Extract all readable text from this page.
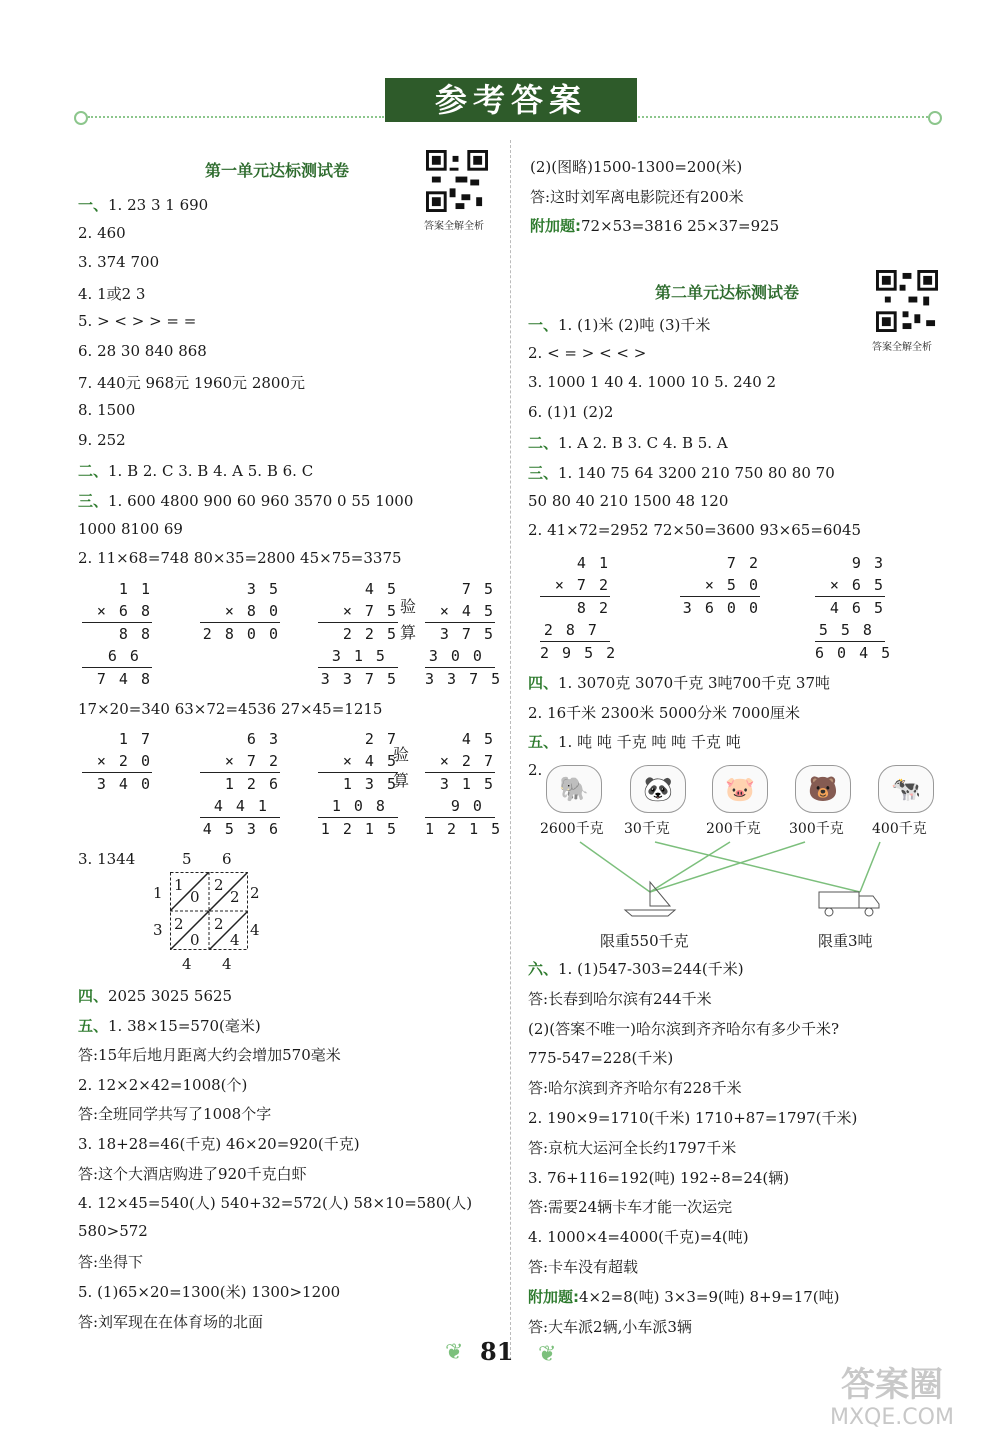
参考答案
第一单元达标测试卷
答案全解全析
一、1. 23 3 1 690
2. 460
3. 374 700
4. 1或2 3
5. > < > > = =
6. 28 30 840 868
7. 440元 968元 1960元 2800元
8. 1500
9. 252
二、1. B 2. C 3. B 4. A 5. B 6. C
三、1. 600 4800 900 60 960 3570 0 55 1000
1000 8100 69
2. 11×68=748 80×35=2800 45×75=3375
1 1
× 6 8
8 8
6 6
7 4 8
3 5
× 8 0
2 8 0 0
4 5
× 7 5
2 2 5
3 1 5
3 3 7 5
7 5
× 4 5
3 7 5
3 0 0
3 3 7 5
验
算
1 7
× 2 0
3 4 0
6 3
× 7 2
1 2 6
4 4 1
4 5 3 6
2 7
× 4 5
1 3 5
1 0 8
1 2 1 5
4 5
× 2 7
3 1 5
9 0
1 2 1 5
验
算
17×20=340 63×72=4536 27×45=1215
3. 1344	5 6
1
3
2
4
4 4
1
0
2
2
2
0
2
4
四、2025 3025 5625
五、1. 38×15=570(毫米)
答:15年后地月距离大约会增加570毫米
2. 12×2×42=1008(个)
答:全班同学共写了1008个字
3. 18+28=46(千克) 46×20=920(千克)
答:这个大酒店购进了920千克白虾
4. 12×45=540(人) 540+32=572(人) 58×10=580(人)
580>572
答:坐得下
5. (1)65×20=1300(米) 1300>1200
答:刘军现在在体育场的北面
(2)(图略)1500-1300=200(米)
答:这时刘军离电影院还有200米
附加题:72×53=3816 25×37=925
第二单元达标测试卷
答案全解全析
一、1. (1)米 (2)吨 (3)千米
2. < = > < < >
3. 1000 1 40 4. 1000 10 5. 240 2
6. (1)1 (2)2
二、1. A 2. B 3. C 4. B 5. A
三、1. 140 75 64 3200 210 750 80 80 70
50 80 40 210 1500 48 120
2. 41×72=2952 72×50=3600 93×65=6045
4 1
× 7 2
8 2
2 8 7
2 9 5 2
7 2
× 5 0
3 6 0 0
9 3
× 6 5
4 6 5
5 5 8
6 0 4 5
四、1. 3070克 3070千克 3吨700千克 37吨
2. 16千米 2300米 5000分米 7000厘米
五、1. 吨 吨 千克 吨 吨 千克 吨
2.
🐘
2600千克
🐼
30千克
🐷
200千克
🐻
300千克
🐄
400千克
限重550千克	限重3吨
六、1. (1)547-303=244(千米)
答:长春到哈尔滨有244千米
(2)(答案不唯一)哈尔滨到齐齐哈尔有多少千米?
775-547=228(千米)
答:哈尔滨到齐齐哈尔有228千米
2. 190×9=1710(千米) 1710+87=1797(千米)
答:京杭大运河全长约1797千米
3. 76+116=192(吨) 192÷8=24(辆)
答:需要24辆卡车才能一次运完
4. 1000×4=4000(千克)=4(吨)
答:卡车没有超载
附加题:4×2=8(吨) 3×3=9(吨) 8+9=17(吨)
答:大车派2辆,小车派3辆
❦ 81 ❦
答案圈
MXQE.COM
